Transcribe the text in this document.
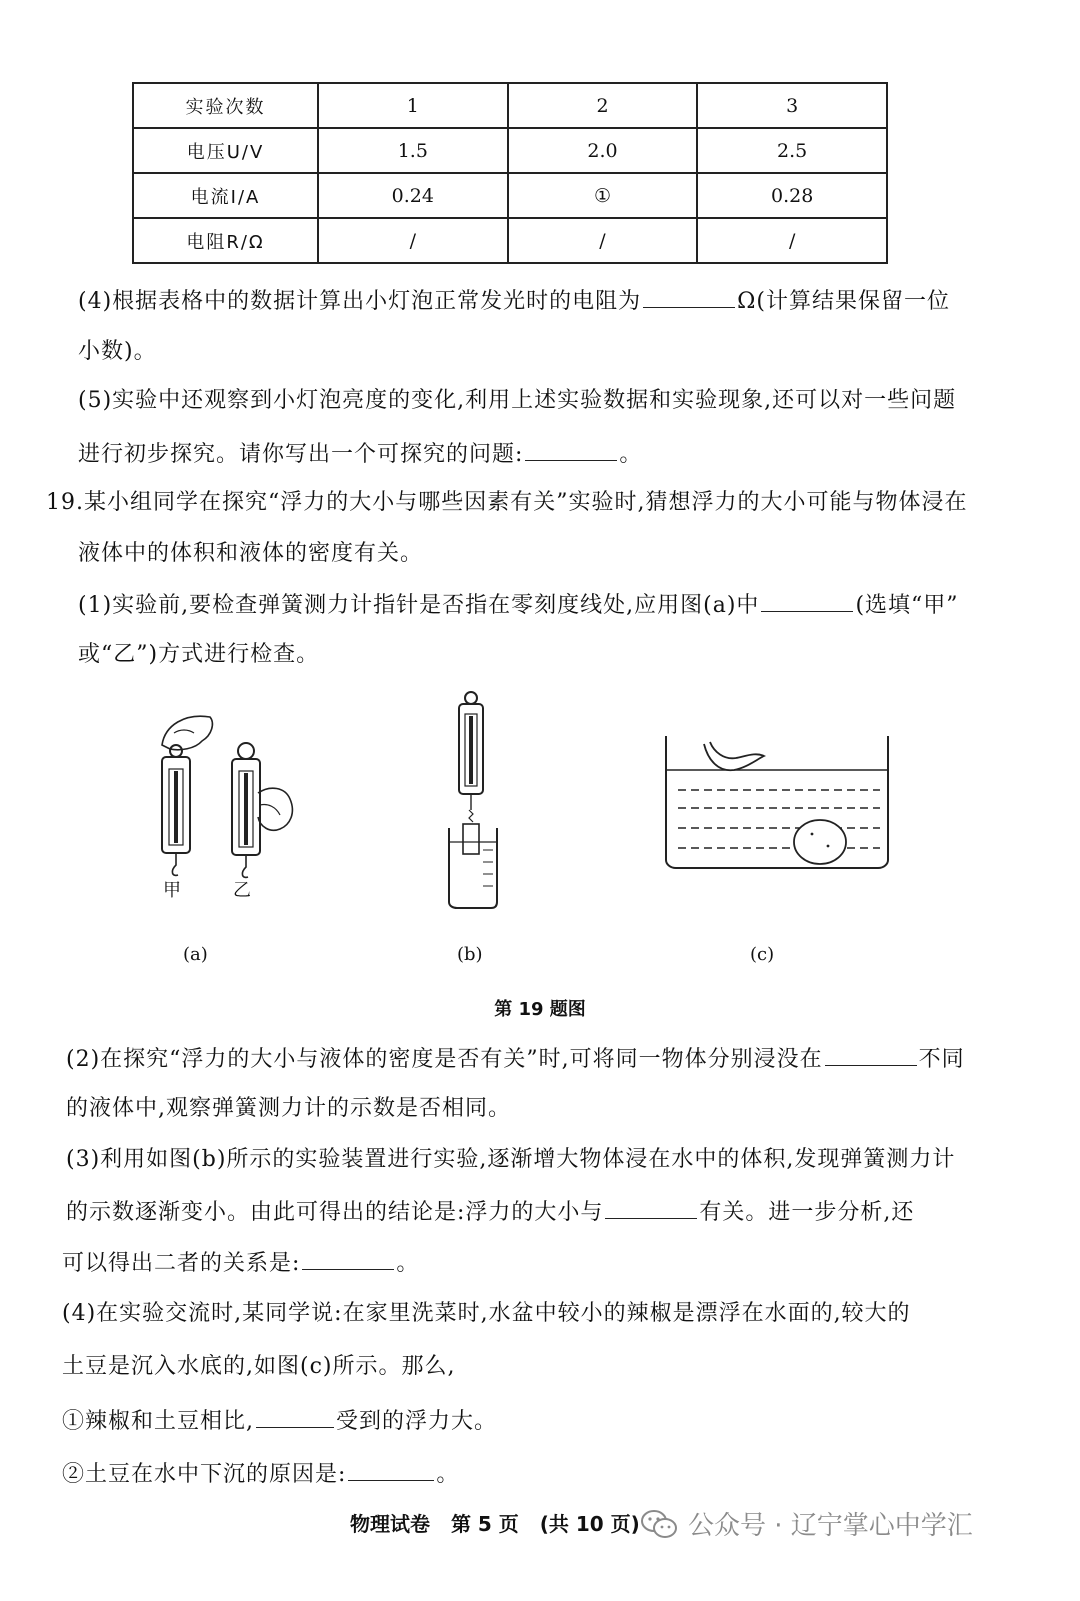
实验次数	1	2	3
电压U/V	1.5	2.0	2.5
电流I/A	0.24	①	0.28
电阻R/Ω	/	/	/
(4)根据表格中的数据计算出小灯泡正常发光时的电阻为	Ω(计算结果保留一位
小数)。
(5)实验中还观察到小灯泡亮度的变化,利用上述实验数据和实验现象,还可以对一些问题
进行初步探究。请你写出一个可探究的问题:	。
19.某小组同学在探究“浮力的大小与哪些因素有关”实验时,猜想浮力的大小可能与物体浸在
液体中的体积和液体的密度有关。
(1)实验前,要检查弹簧测力计指针是否指在零刻度线处,应用图(a)中	(选填“甲”
或“乙”)方式进行检查。
甲	乙
(a)	(b)	(c)
第 19 题图
(2)在探究“浮力的大小与液体的密度是否有关”时,可将同一物体分别浸没在	不同
的液体中,观察弹簧测力计的示数是否相同。
(3)利用如图(b)所示的实验装置进行实验,逐渐增大物体浸在水中的体积,发现弹簧测力计
的示数逐渐变小。由此可得出的结论是:浮力的大小与	有关。进一步分析,还
可以得出二者的关系是:	。
(4)在实验交流时,某同学说:在家里洗菜时,水盆中较小的辣椒是漂浮在水面的,较大的
土豆是沉入水底的,如图(c)所示。那么,
①辣椒和土豆相比,	受到的浮力大。
②土豆在水中下沉的原因是:	。
物理试卷 第 5 页 (共 10 页)	公众号 · 辽宁掌心中学汇
